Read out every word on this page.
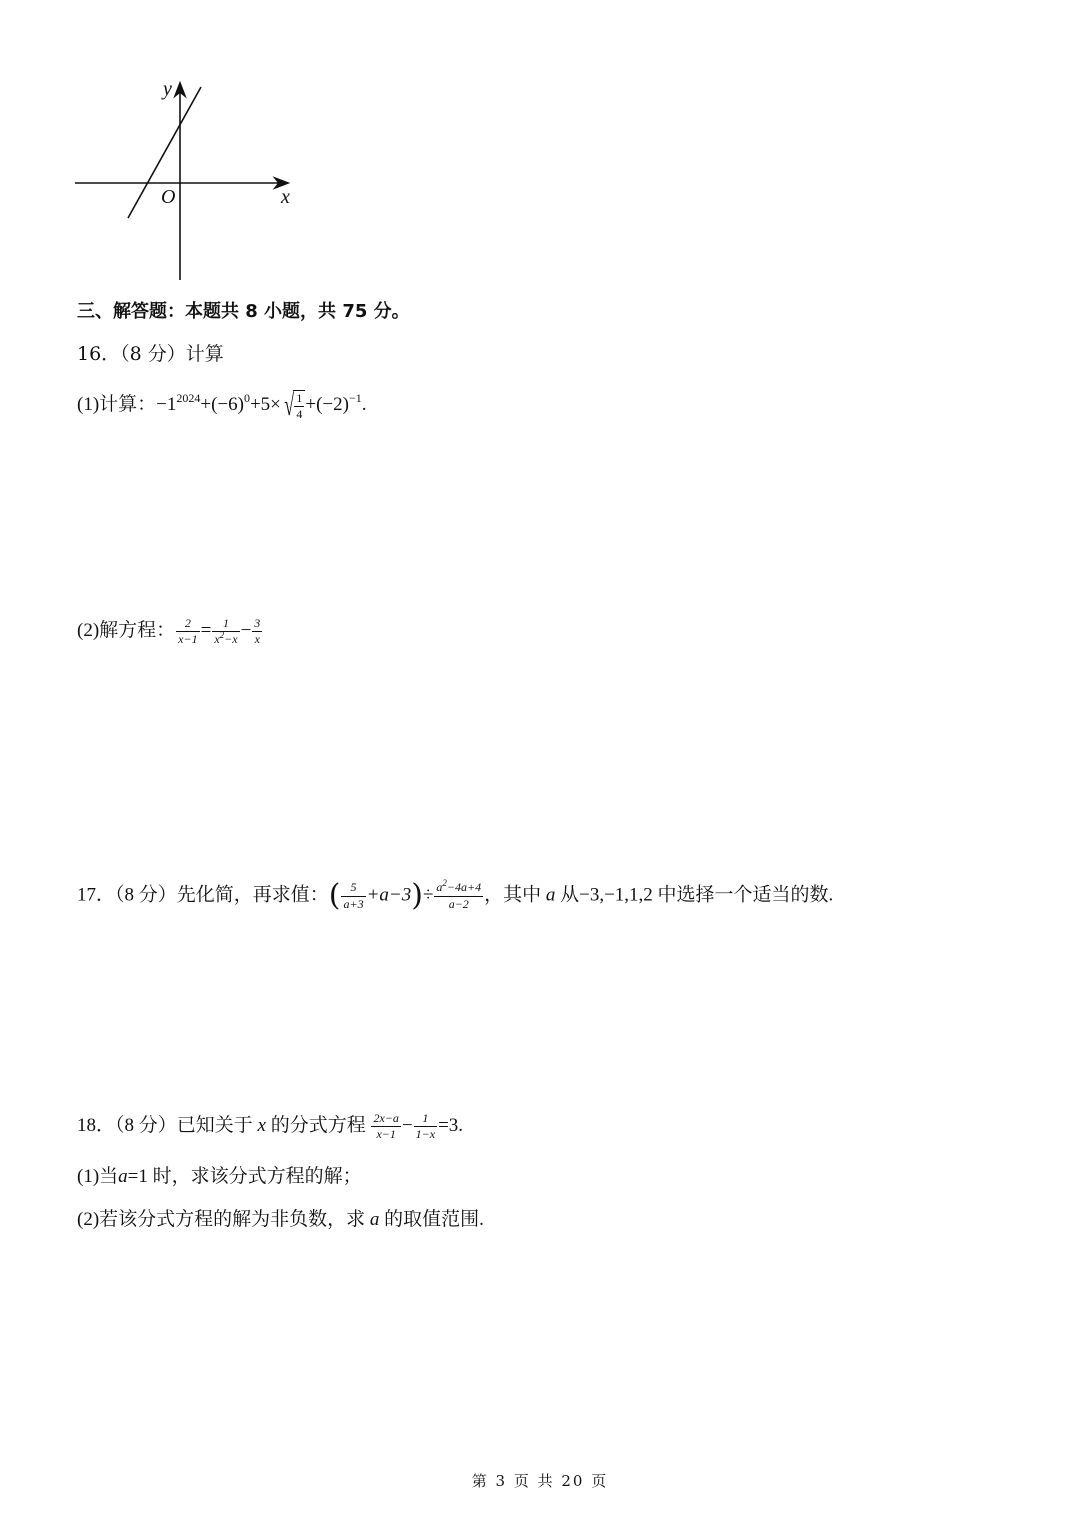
y
x
O
三、解答题：本题共 8 小题，共 75 分。
16．（8 分）计算
(1)计算：$-1^{2024}+(-6)^0+5\times$ √ $\frac{1}{4} +(-2)^{-1}$.
(2)解方程： $\frac{2}{x-1} = \frac{1}{x^2-x} - \frac{3}{x}$
17．（8 分）先化简，再求值：( $\frac{5}{a+3} +a-3)\div \frac{a^2-4a+4}{a-2}$ ，其中 a 从−3,−1,1,2 中选择一个适当的数.
18．（8 分）已知关于 x 的分式方程 $\frac{2x-a}{x-1} - \frac{1}{1-x} =3$.
(1)当a=1 时，求该分式方程的解；
(2)若该分式方程的解为非负数，求 a 的取值范围.
第 3 页 共 20 页
